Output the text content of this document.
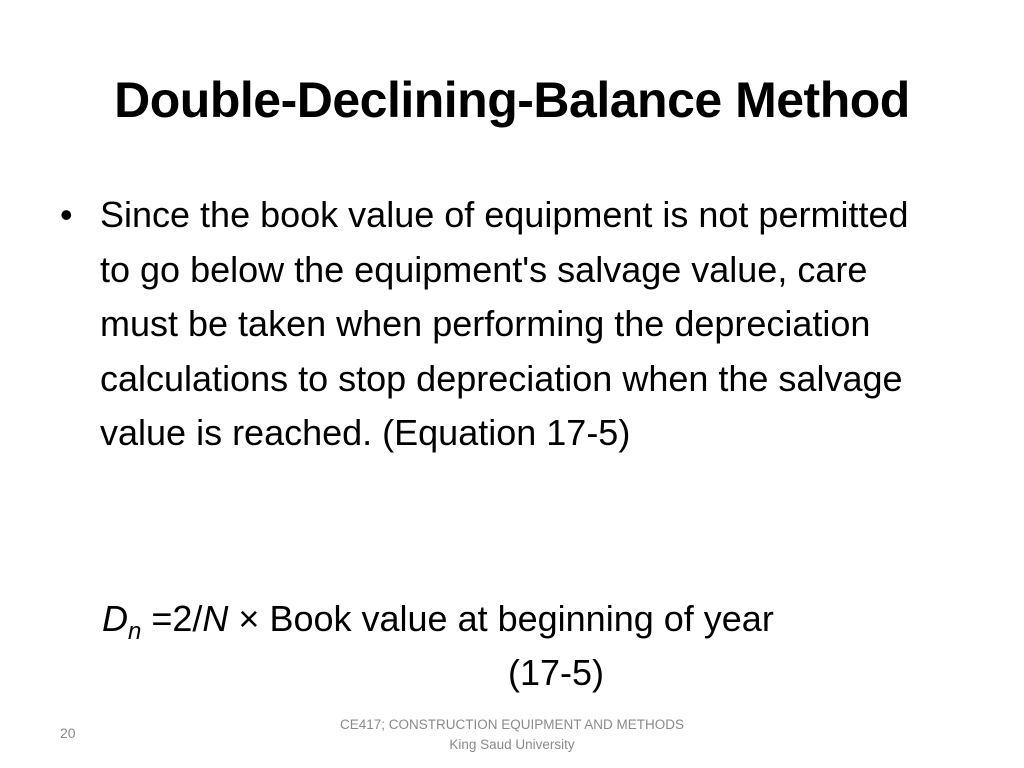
Double-Declining-Balance Method
• Since the book value of equipment is not permitted to go below the equipment's salvage value, care must be taken when performing the depreciation calculations to stop depreciation when the salvage value is reached. (Equation 17-5)
$D_n =2/N$ × Book value at beginning of year
(17-5)
20
CE417; CONSTRUCTION EQUIPMENT AND METHODS
King Saud University
